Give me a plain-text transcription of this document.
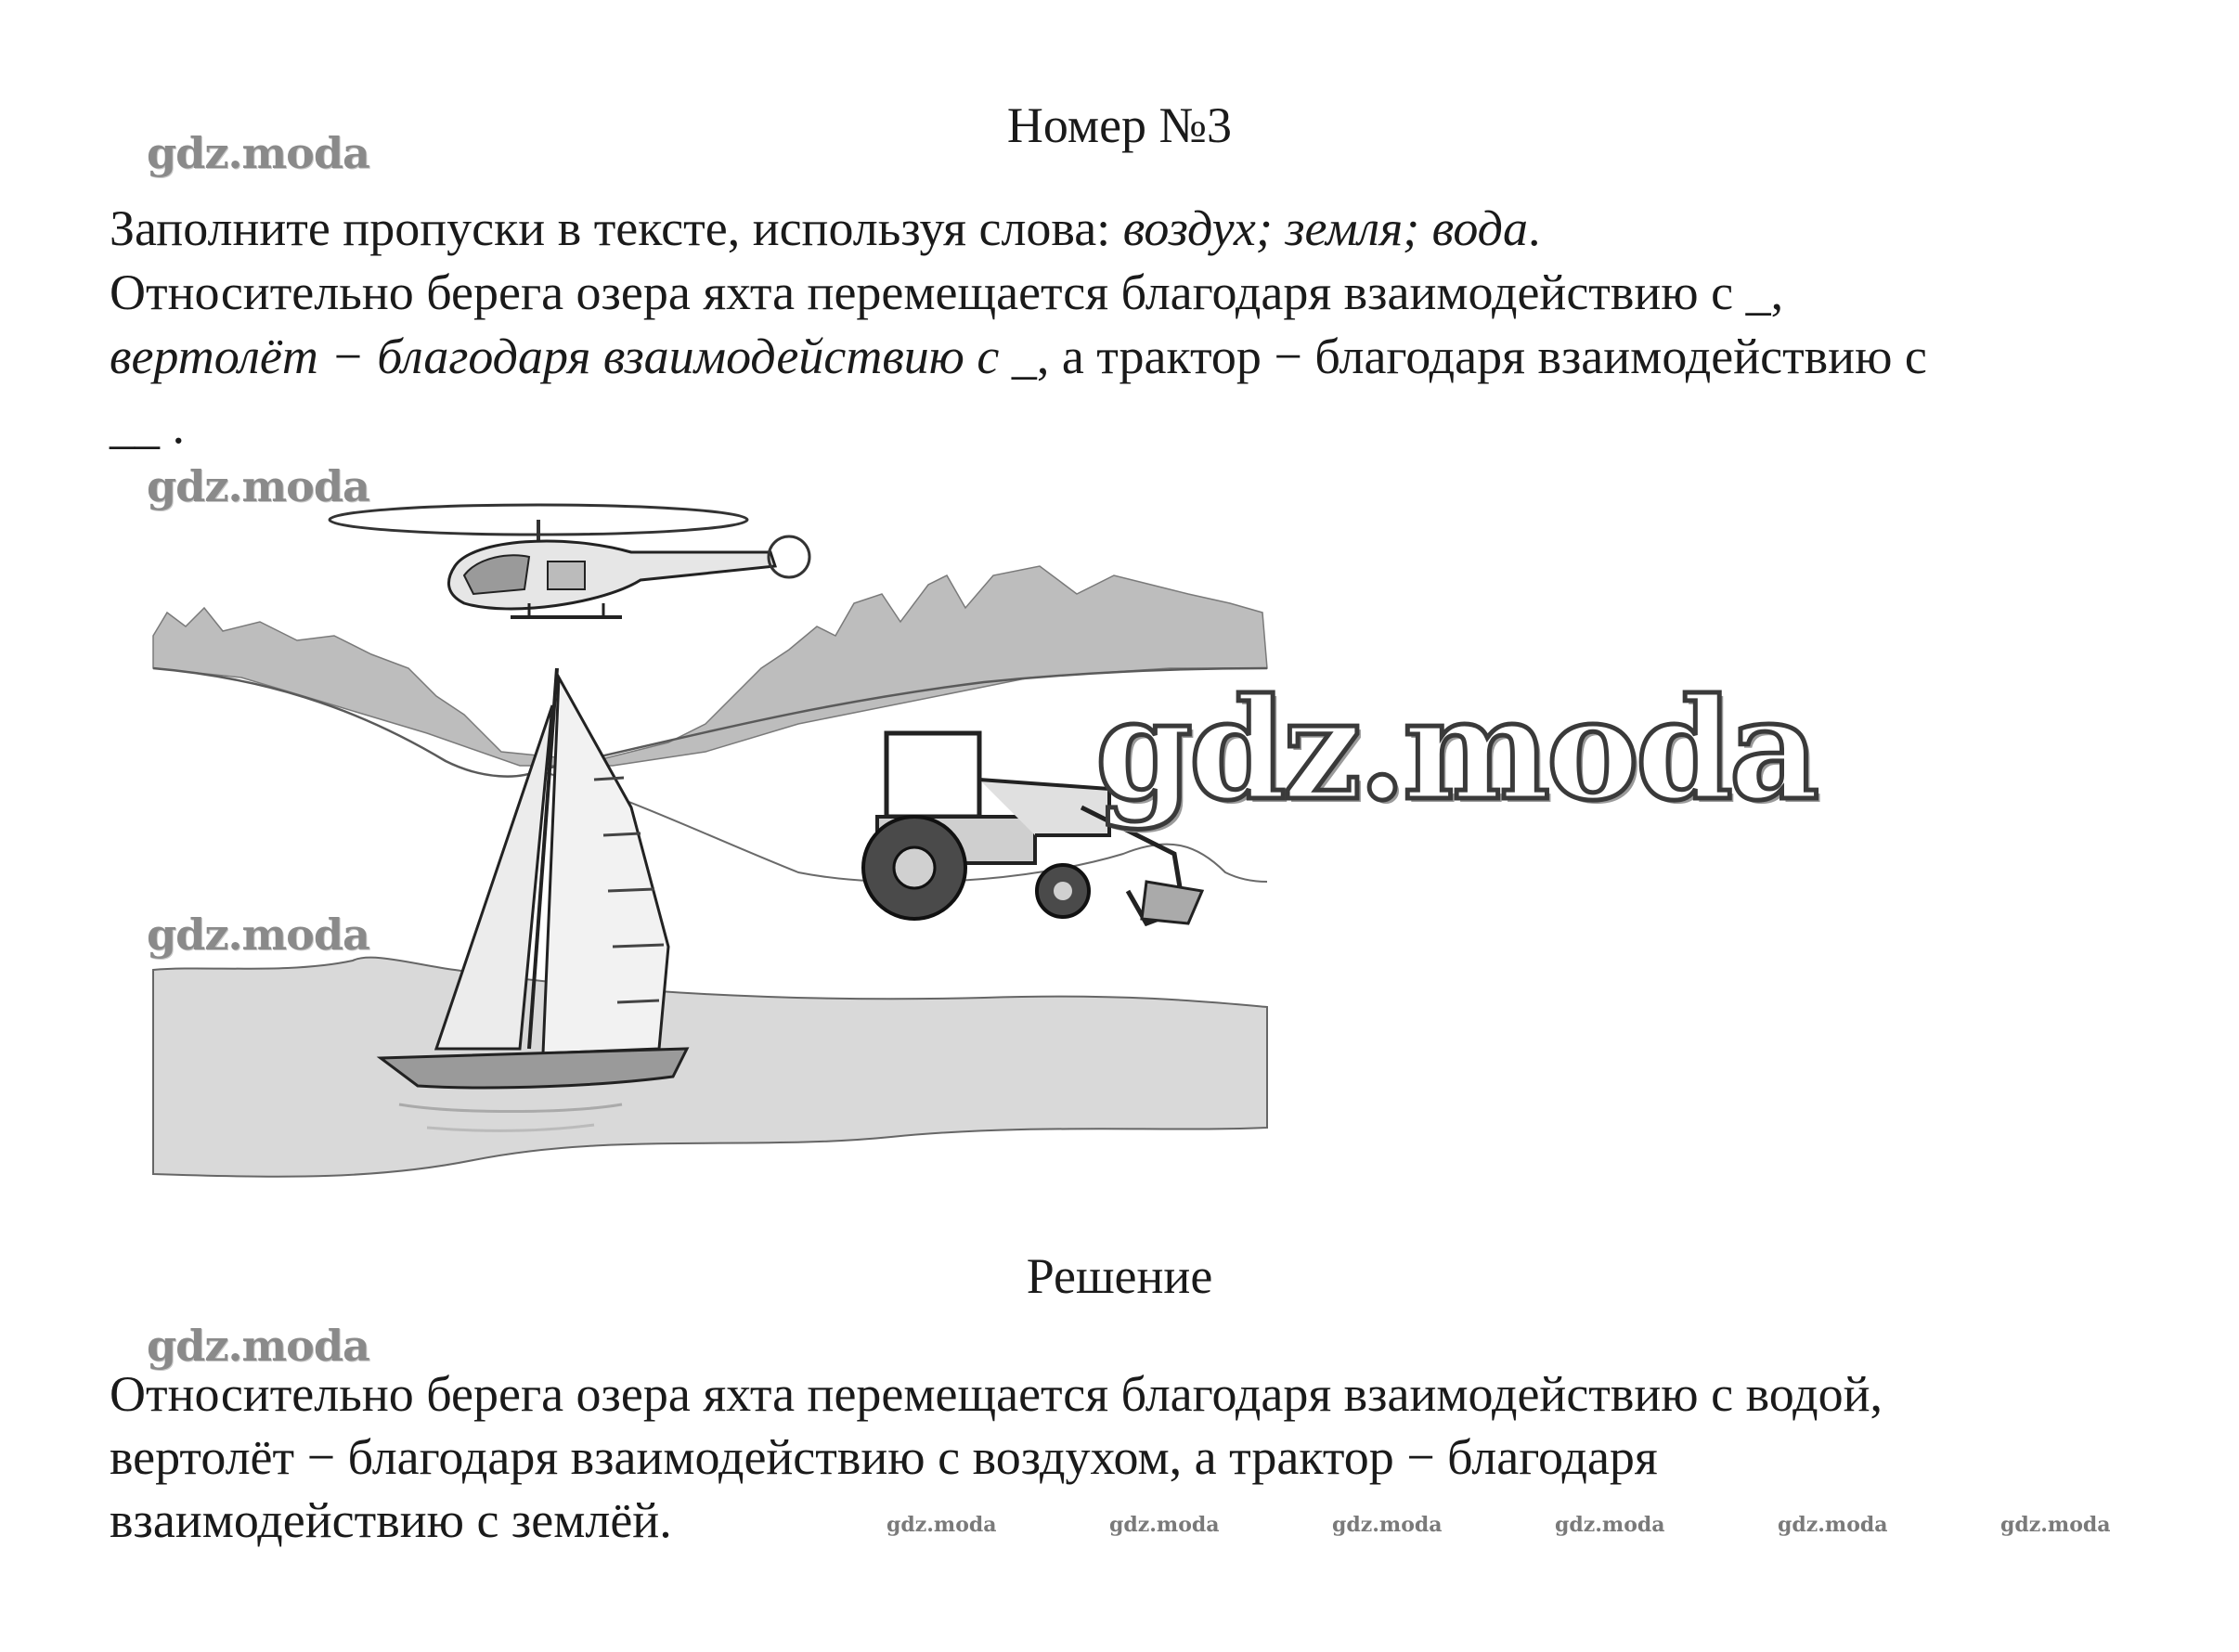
Номер №3
gdz.moda
gdz.moda
gdz.moda
gdz.moda
Заполните пропуски в тексте, используя слова: воздух; земля; вода.
Относительно берега озера яхта перемещается благодаря взаимодействию с _,
вертолёт − благодаря взаимодействию с _, а трактор − благодаря взаимодействию с
__ .
gdz.moda
Решение
Относительно берега озера яхта перемещается благодаря взаимодействию с водой,
вертолёт − благодаря взаимодействию с воздухом, а трактор − благодаря
взаимодействию с землёй.	gdz.moda	gdz.moda	gdz.moda	gdz.moda	gdz.moda	gdz.moda
